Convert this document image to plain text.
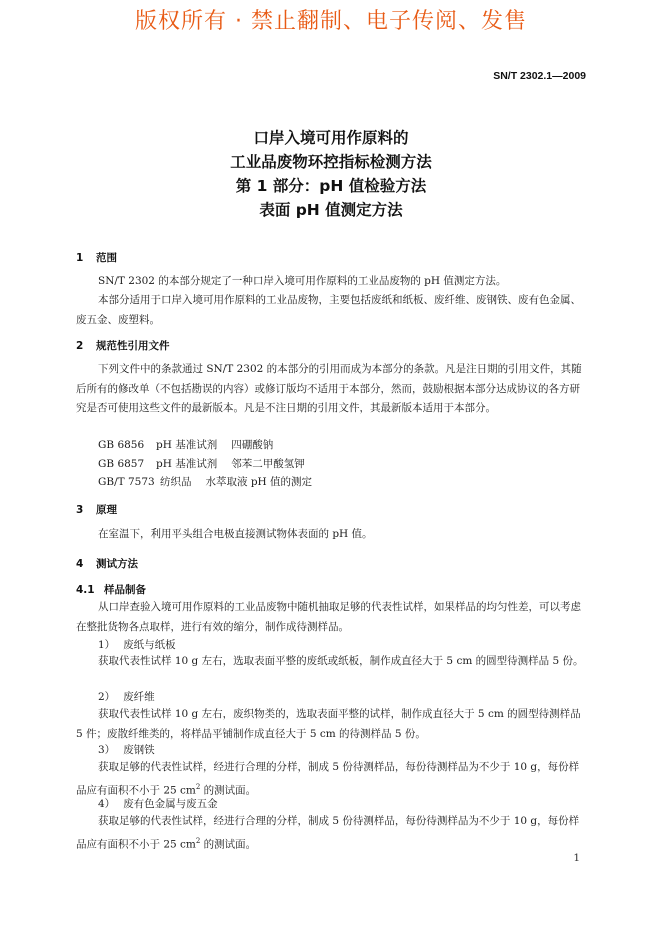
版权所有 · 禁止翻制、电子传阅、发售
SN/T 2302.1—2009
口岸入境可用作原料的
工业品废物环控指标检测方法
第 1 部分：pH 值检验方法
表面 pH 值测定方法
1 范围
SN/T 2302 的本部分规定了一种口岸入境可用作原料的工业品废物的 pH 值测定方法。
本部分适用于口岸入境可用作原料的工业品废物，主要包括废纸和纸板、废纤维、废钢铁、废有色金属、废五金、废塑料。
2 规范性引用文件
下列文件中的条款通过 SN/T 2302 的本部分的引用而成为本部分的条款。凡是注日期的引用文件，其随后所有的修改单（不包括勘误的内容）或修订版均不适用于本部分，然而，鼓励根据本部分达成协议的各方研究是否可使用这些文件的最新版本。凡是不注日期的引用文件，其最新版本适用于本部分。
GB 6856 pH 基准试剂 四硼酸钠
GB 6857 pH 基准试剂 邻苯二甲酸氢钾
GB/T 7573 纺织品 水萃取液 pH 值的测定
3 原理
在室温下，利用平头组合电极直接测试物体表面的 pH 值。
4 测试方法
4.1 样品制备
从口岸查验入境可用作原料的工业品废物中随机抽取足够的代表性试样，如果样品的均匀性差，可以考虑在整批货物各点取样，进行有效的缩分，制作成待测样品。
1） 废纸与纸板
获取代表性试样 10 g 左右，选取表面平整的废纸或纸板，制作成直径大于 5 cm 的圆型待测样品 5 份。
2） 废纤维
获取代表性试样 10 g 左右，废织物类的，选取表面平整的试样，制作成直径大于 5 cm 的圆型待测样品 5 件；废散纤维类的，将样品平铺制作成直径大于 5 cm 的待测样品 5 份。
3） 废钢铁
获取足够的代表性试样，经进行合理的分样，制成 5 份待测样品，每份待测样品为不少于 10 g，每份样品应有面积不小于 25 $cm^2$ 的测试面。
4） 废有色金属与废五金
获取足够的代表性试样，经进行合理的分样，制成 5 份待测样品，每份待测样品为不少于 10 g，每份样品应有面积不小于 25 $cm^2$ 的测试面。
1
